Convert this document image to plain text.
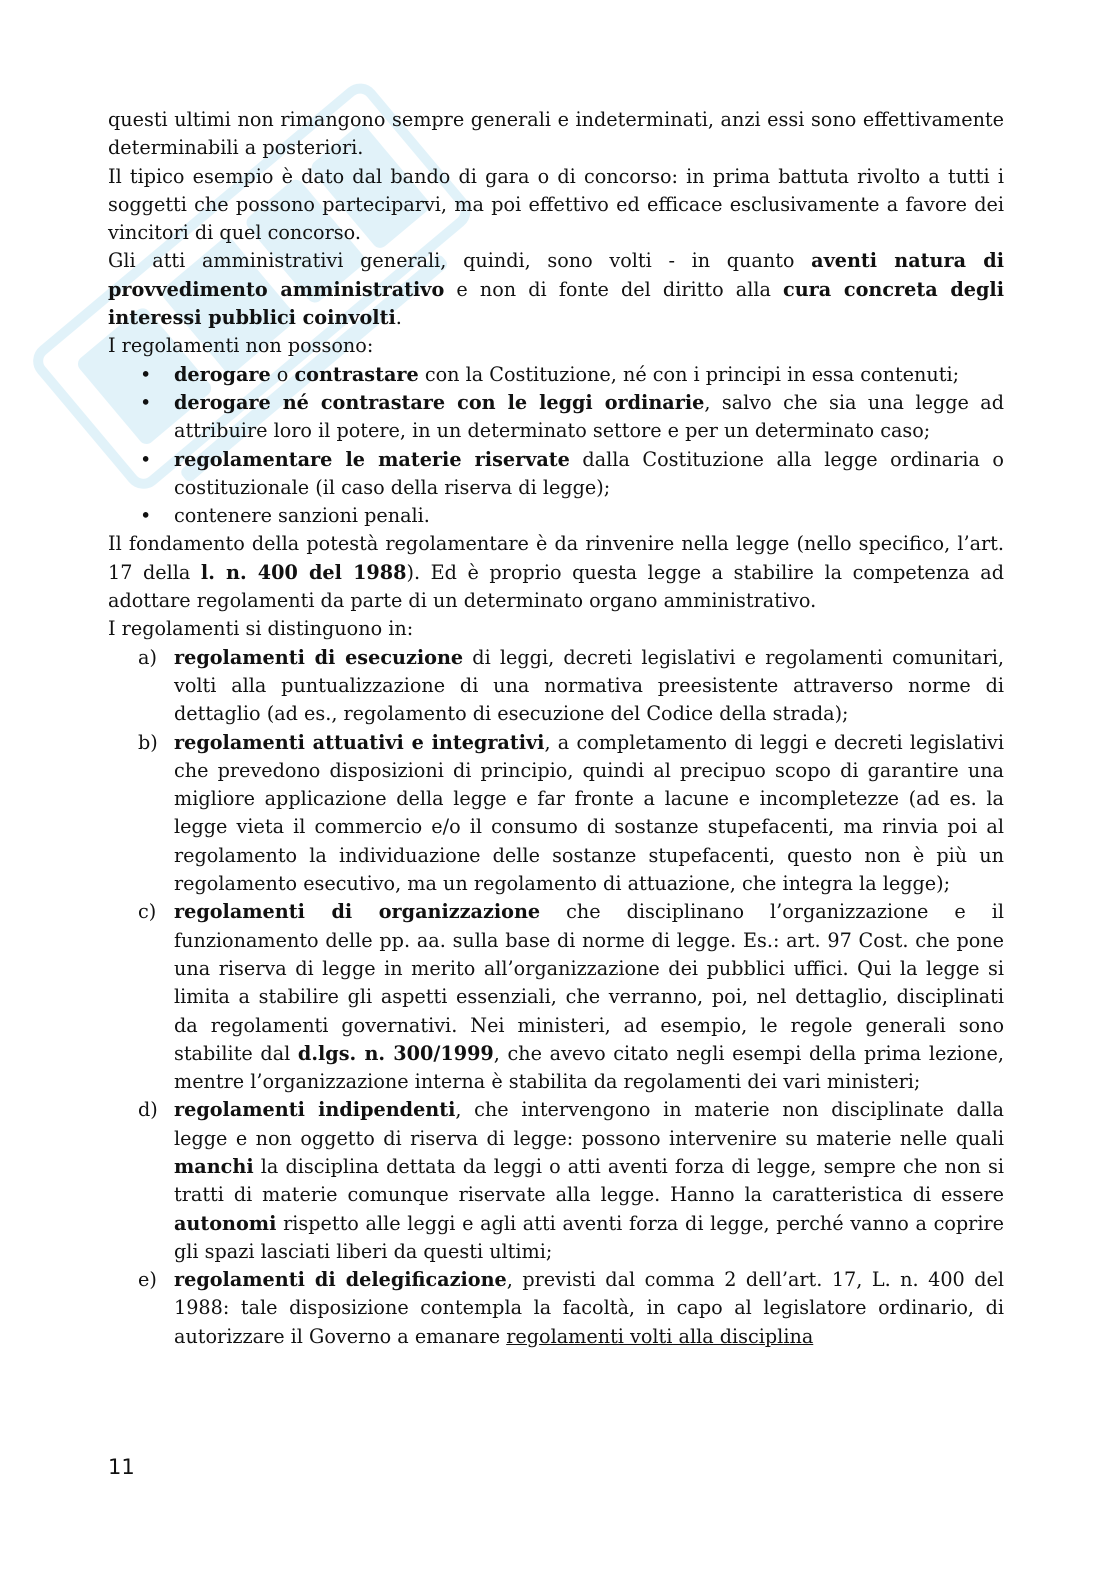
questi ultimi non rimangono sempre generali e indeterminati, anzi essi sono effettivamente determinabili a posteriori.

Il tipico esempio è dato dal bando di gara o di concorso: in prima battuta rivolto a tutti i soggetti che possono parteciparvi, ma poi effettivo ed efficace esclusivamente a favore dei vincitori di quel concorso.

Gli atti amministrativi generali, quindi, sono volti - in quanto aventi natura di provvedimento amministrativo e non di fonte del diritto alla cura concreta degli interessi pubblici coinvolti.

I regolamenti non possono:

•	derogare o contrastare con la Costituzione, né con i principi in essa contenuti;
•	derogare né contrastare con le leggi ordinarie, salvo che sia una legge ad attribuire loro il potere, in un determinato settore e per un determinato caso;
•	regolamentare le materie riservate dalla Costituzione alla legge ordinaria o costituzionale (il caso della riserva di legge);
•	contenere sanzioni penali.

Il fondamento della potestà regolamentare è da rinvenire nella legge (nello specifico, l’art. 17 della l. n. 400 del 1988). Ed è proprio questa legge a stabilire la competenza ad adottare regolamenti da parte di un determinato organo amministrativo.

I regolamenti si distinguono in:

a) regolamenti di esecuzione di leggi, decreti legislativi e regolamenti comunitari, volti alla puntualizzazione di una normativa preesistente attraverso norme di dettaglio (ad es., regolamento di esecuzione del Codice della strada);
b) regolamenti attuativi e integrativi, a completamento di leggi e decreti legislativi che prevedono disposizioni di principio, quindi al precipuo scopo di garantire una migliore applicazione della legge e far fronte a lacune e incompletezze (ad es. la legge vieta il commercio e/o il consumo di sostanze stupefacenti, ma rinvia poi al regolamento la individuazione delle sostanze stupefacenti, questo non è più un regolamento esecutivo, ma un regolamento di attuazione, che integra la legge);
c) regolamenti di organizzazione che disciplinano l’organizzazione e il funzionamento delle pp. aa. sulla base di norme di legge. Es.: art. 97 Cost. che pone una riserva di legge in merito all’organizzazione dei pubblici uffici. Qui la legge si limita a stabilire gli aspetti essenziali, che verranno, poi, nel dettaglio, disciplinati da regolamenti governativi. Nei ministeri, ad esempio, le regole generali sono stabilite dal d.lgs. n. 300/1999, che avevo citato negli esempi della prima lezione, mentre l’organizzazione interna è stabilita da regolamenti dei vari ministeri;
d) regolamenti indipendenti, che intervengono in materie non disciplinate dalla legge e non oggetto di riserva di legge: possono intervenire su materie nelle quali manchi la disciplina dettata da leggi o atti aventi forza di legge, sempre che non si tratti di materie comunque riservate alla legge. Hanno la caratteristica di essere autonomi rispetto alle leggi e agli atti aventi forza di legge, perché vanno a coprire gli spazi lasciati liberi da questi ultimi;
e) regolamenti di delegificazione, previsti dal comma 2 dell’art. 17, L. n. 400 del 1988: tale disposizione contempla la facoltà, in capo al legislatore ordinario, di autorizzare il Governo a emanare regolamenti volti alla disciplina
11
